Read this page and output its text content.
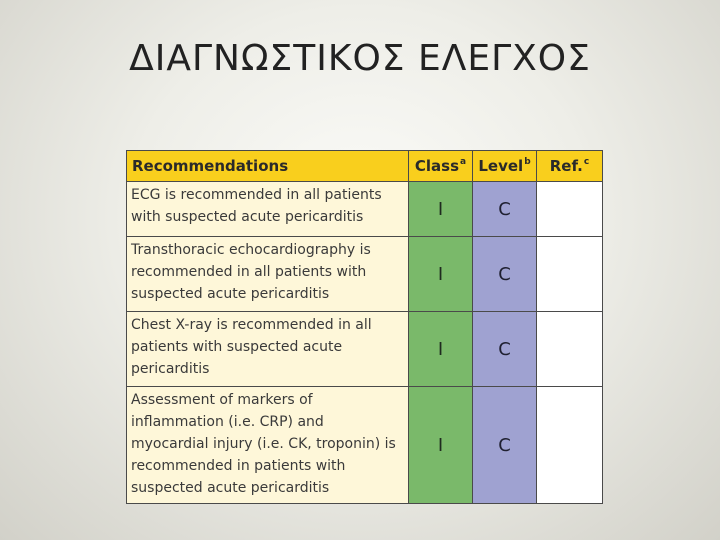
ΔΙΑΓΝΩΣΤΙΚΟΣ ΕΛΕΓΧΟΣ
Recommendations	Class$^a$	Level$^b$	Ref.$^c$
ECG is recommended in all patients with suspected acute pericarditis	I	C	
Transthoracic echocardiography is recommended in all patients with suspected acute pericarditis	I	C	
Chest X-ray is recommended in all patients with suspected acute pericarditis	I	C	
Assessment of markers of inflammation (i.e. CRP) and myocardial injury (i.e. CK, troponin) is recommended in patients with suspected acute pericarditis	I	C	
